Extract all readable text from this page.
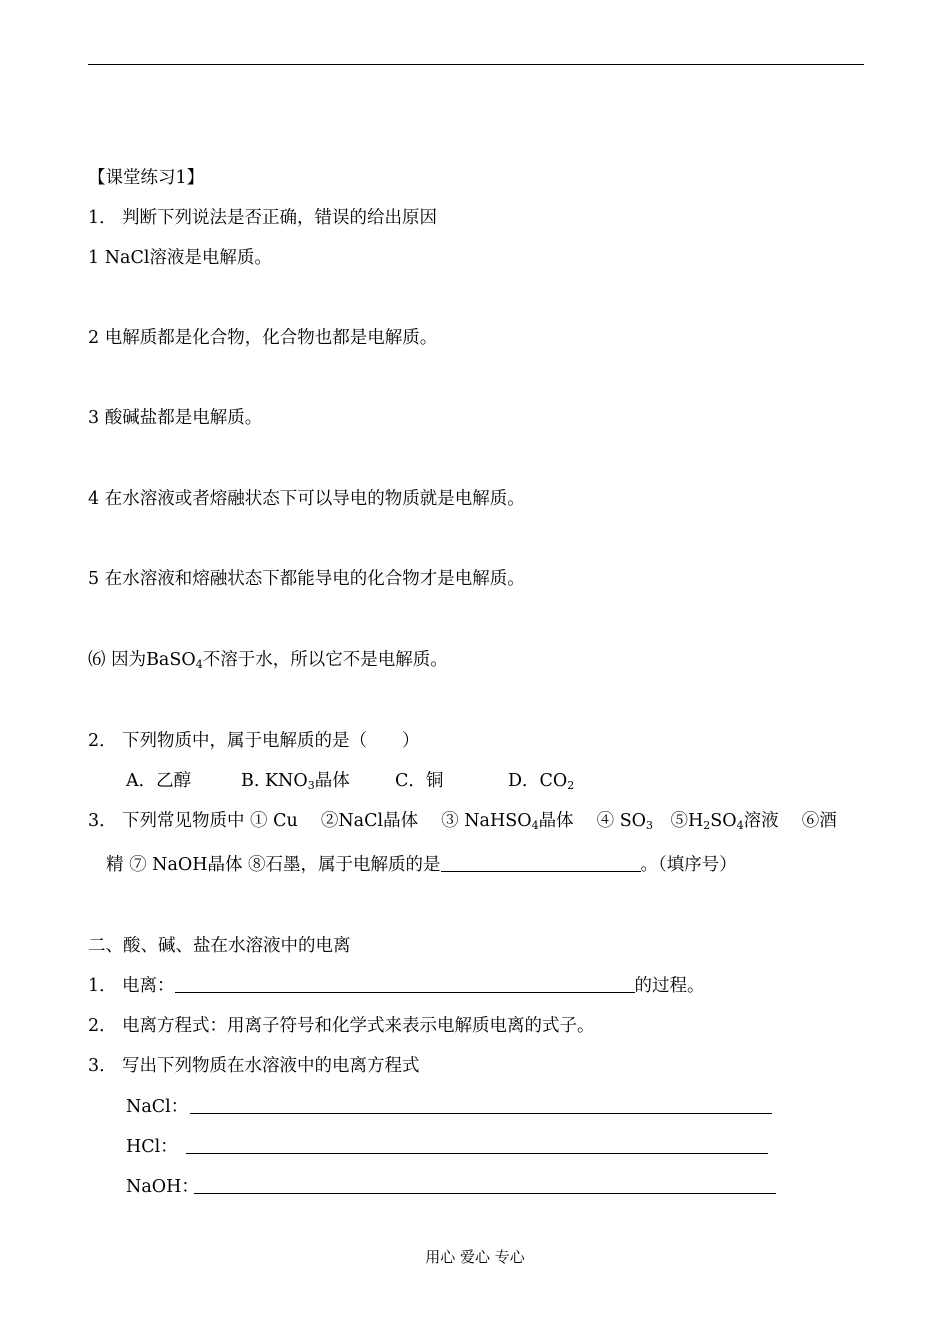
【课堂练习1】
1． 判断下列说法是否正确，错误的给出原因
1 NaCl溶液是电解质。
2 电解质都是化合物，化合物也都是电解质。
3 酸碱盐都是电解质。
4 在水溶液或者熔融状态下可以导电的物质就是电解质。
5 在水溶液和熔融状态下都能导电的化合物才是电解质。
⑹ 因为BaSO$_4$不溶于水，所以它不是电解质。
2． 下列物质中，属于电解质的是（　　）
A．乙醇	B. $KNO_3$晶体	C．铜	D．$CO_2$
3． 下列常见物质中 ① Cu　 ②NaCl晶体　 ③ NaHSO$_4$晶体　 ④ $SO_3$　$⑤H_2SO_4$溶液　 ⑥酒
精 ⑦ NaOH晶体 ⑧石墨，属于电解质的是	。（填序号）
二、酸、碱、盐在水溶液中的电离
1． 电离：	的过程。
2． 电离方程式：用离子符号和化学式来表示电解质电离的式子。
3． 写出下列物质在水溶液中的电离方程式
NaCl：
HCl：
NaOH：
用心 爱心 专心
